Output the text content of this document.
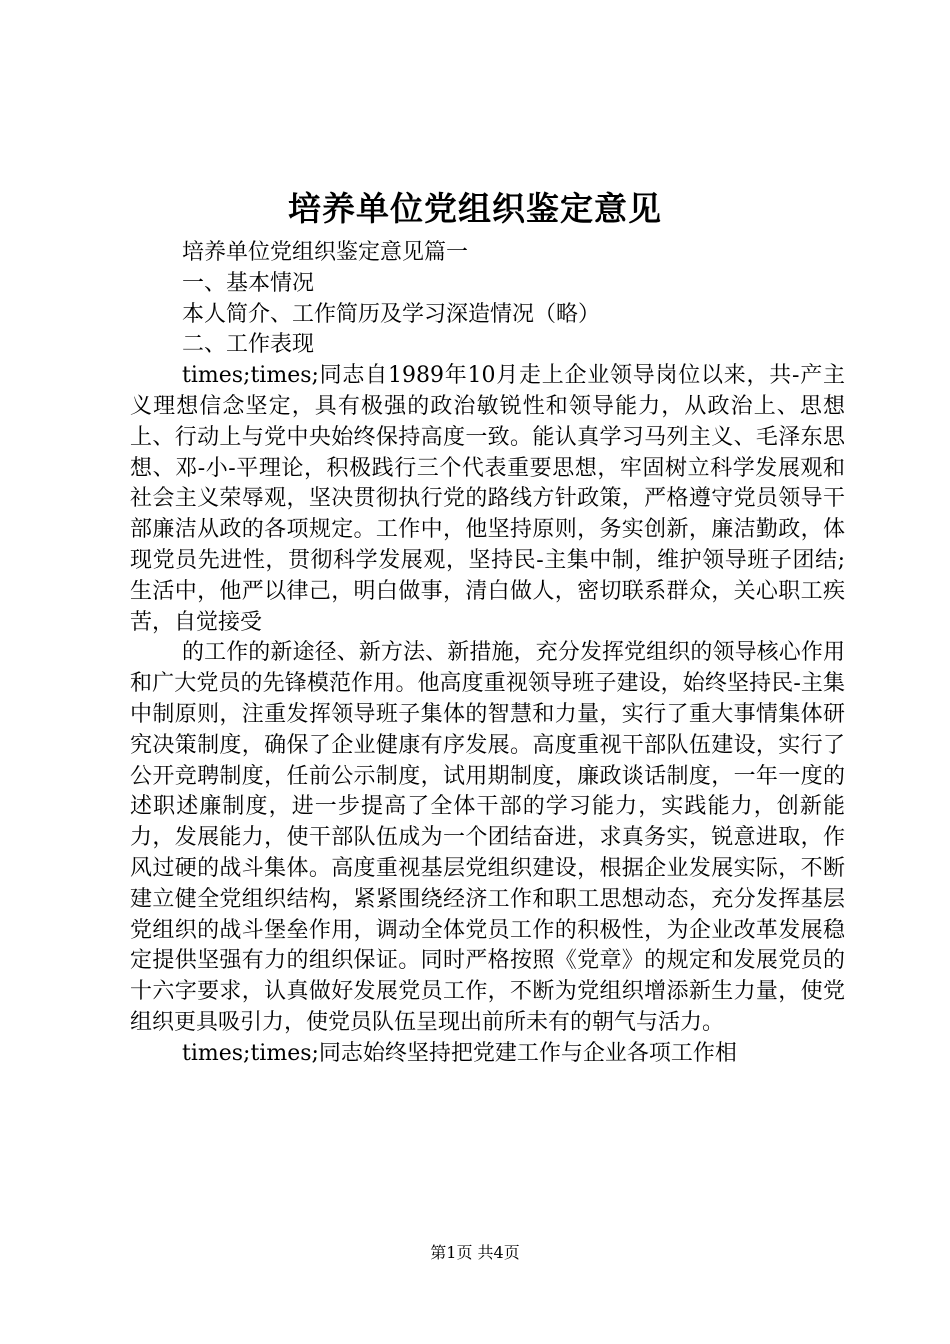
培养单位党组织鉴定意见

培养单位党组织鉴定意见篇一

一、基本情况

本人简介、工作简历及学习深造情况（略）

二、工作表现

times;times;同志自1989年10月走上企业领导岗位以来，共-产主义理想信念坚定，具有极强的政治敏锐性和领导能力，从政治上、思想上、行动上与党中央始终保持高度一致。能认真学习马列主义、毛泽东思想、邓-小-平理论，积极践行三个代表重要思想，牢固树立科学发展观和社会主义荣辱观，坚决贯彻执行党的路线方针政策，严格遵守党员领导干部廉洁从政的各项规定。工作中，他坚持原则，务实创新，廉洁勤政，体现党员先进性，贯彻科学发展观，坚持民-主集中制，维护领导班子团结;生活中，他严以律己，明白做事，清白做人，密切联系群众，关心职工疾苦，自觉接受

的工作的新途径、新方法、新措施，充分发挥党组织的领导核心作用和广大党员的先锋模范作用。他高度重视领导班子建设，始终坚持民-主集中制原则，注重发挥领导班子集体的智慧和力量，实行了重大事情集体研究决策制度，确保了企业健康有序发展。高度重视干部队伍建设，实行了公开竞聘制度，任前公示制度，试用期制度，廉政谈话制度，一年一度的述职述廉制度，进一步提高了全体干部的学习能力，实践能力，创新能力，发展能力，使干部队伍成为一个团结奋进，求真务实，锐意进取，作风过硬的战斗集体。高度重视基层党组织建设，根据企业发展实际，不断建立健全党组织结构，紧紧围绕经济工作和职工思想动态，充分发挥基层党组织的战斗堡垒作用，调动全体党员工作的积极性，为企业改革发展稳定提供坚强有力的组织保证。同时严格按照《党章》的规定和发展党员的十六字要求，认真做好发展党员工作，不断为党组织增添新生力量，使党组织更具吸引力，使党员队伍呈现出前所未有的朝气与活力。

times;times;同志始终坚持把党建工作与企业各项工作相

第1页 共4页
